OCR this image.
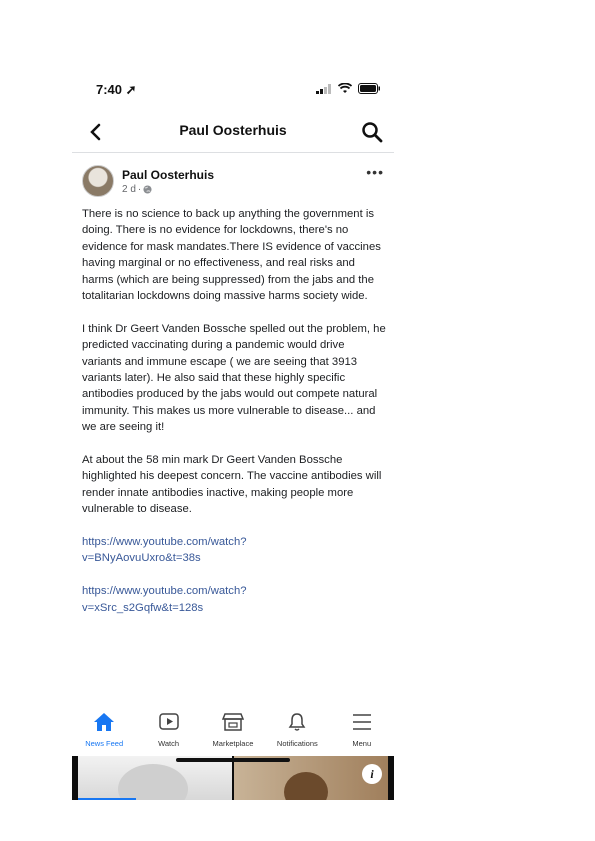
7:40 ➚
Paul Oosterhuis
Paul Oosterhuis
2 d ·
•••

There is no science to back up anything the government is doing. There is no evidence for lockdowns, there's no evidence for mask mandates.There IS evidence of vaccines having marginal or no effectiveness, and real risks and harms (which are being suppressed) from the jabs and the totalitarian lockdowns doing massive harms society wide.

I think Dr Geert Vanden Bossche spelled out the problem, he predicted vaccinating during a pandemic would drive variants and immune escape ( we are seeing that 3913 variants later). He also said that these highly specific antibodies produced by the jabs would out compete natural immunity. This makes us more vulnerable to disease... and we are seeing it!

At about the 58 min mark Dr Geert Vanden Bossche highlighted his deepest concern. The vaccine antibodies will render innate antibodies inactive, making people more vulnerable to disease.

https://www.youtube.com/watch?
v=BNyAovuUxro&t=38s

https://www.youtube.com/watch?
v=xSrc_s2Gqfw&t=128s

i
News Feed	Watch	Marketplace	Notifications	Menu
